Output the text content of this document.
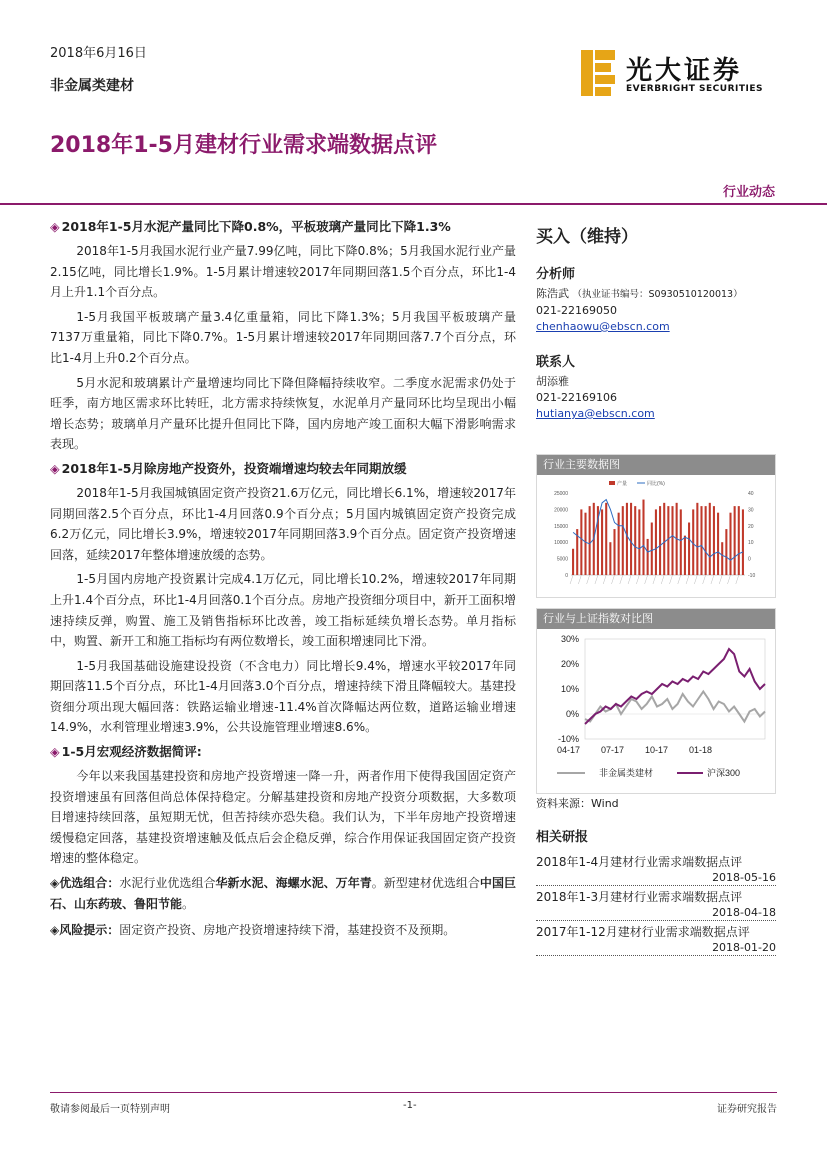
2018年6月16日
非金属类建材	光大证券
EVERBRIGHT SECURITIES
2018年1-5月建材行业需求端数据点评
行业动态
◈ 2018年1-5月水泥产量同比下降0.8%，平板玻璃产量同比下降1.3%

2018年1-5月我国水泥行业产量7.99亿吨，同比下降0.8%；5月我国水泥行业产量2.15亿吨，同比增长1.9%。1-5月累计增速较2017年同期回落1.5个百分点，环比1-4月上升1.1个百分点。

1-5月我国平板玻璃产量3.4亿重量箱，同比下降1.3%；5月我国平板玻璃产量7137万重量箱，同比下降0.7%。1-5月累计增速较2017年同期回落7.7个百分点，环比1-4月上升0.2个百分点。

5月水泥和玻璃累计产量增速均同比下降但降幅持续收窄。二季度水泥需求仍处于旺季，南方地区需求环比转旺，北方需求持续恢复，水泥单月产量同环比均呈现出小幅增长态势；玻璃单月产量环比提升但同比下降，国内房地产竣工面积大幅下滑影响需求表现。

◈ 2018年1-5月除房地产投资外，投资端增速均较去年同期放缓

2018年1-5月我国城镇固定资产投资21.6万亿元，同比增长6.1%，增速较2017年同期回落2.5个百分点，环比1-4月回落0.9个百分点；5月国内城镇固定资产投资完成6.2万亿元，同比增长3.9%，增速较2017年同期回落3.9个百分点。固定资产投资增速回落，延续2017年整体增速放缓的态势。

1-5月国内房地产投资累计完成4.1万亿元，同比增长10.2%，增速较2017年同期上升1.4个百分点，环比1-4月回落0.1个百分点。房地产投资细分项目中，新开工面积增速持续反弹，购置、施工及销售指标环比改善，竣工指标延续负增长态势。单月指标中，购置、新开工和施工指标均有两位数增长，竣工面积增速同比下滑。

1-5月我国基础设施建设投资（不含电力）同比增长9.4%，增速水平较2017年同期回落11.5个百分点，环比1-4月回落3.0个百分点，增速持续下滑且降幅较大。基建投资细分项出现大幅回落：铁路运输业增速-11.4%首次降幅达两位数，道路运输业增速14.9%，水利管理业增速3.9%，公共设施管理业增速8.6%。

◈ 1-5月宏观经济数据简评:

今年以来我国基建投资和房地产投资增速一降一升，两者作用下使得我国固定资产投资增速虽有回落但尚总体保持稳定。分解基建投资和房地产投资分项数据，大多数项目增速持续回落，虽短期无忧，但苦持续亦恐失稳。我们认为，下半年房地产投资增速缓慢稳定回落，基建投资增速触及低点后会企稳反弹，综合作用保证我国固定资产投资增速的整体稳定。

◈优选组合：水泥行业优选组合华新水泥、海螺水泥、万年青。新型建材优选组合中国巨石、山东药玻、鲁阳节能。
◈风险提示：固定资产投资、房地产投资增速持续下滑，基建投资不及预期。
买入（维持）
分析师
陈浩武 （执业证书编号：S0930510120013）
021-22169050
chenhaowu@ebscn.com
联系人
胡添雅
021-22169106
hutianya@ebscn.com
行业主要数据图
25000
20000
15000
10000
5000
0
40
30
20
10
0
-10
产量	同比(%)
行业与上证指数对比图
30%
20%
10%
0%
-10%
04-17 07-17 10-17 01-18
非金属类建材	沪深300
资料来源：Wind
相关研报
2018年1-4月建材行业需求端数据点评
2018-05-16
2018年1-3月建材行业需求端数据点评
2018-04-18
2017年1-12月建材行业需求端数据点评
2018-01-20
敬请参阅最后一页特别声明	-1-	证券研究报告
